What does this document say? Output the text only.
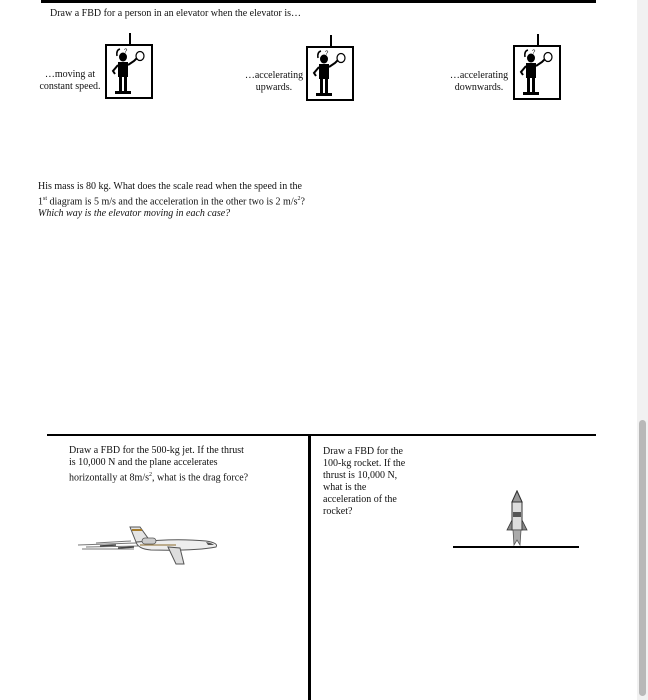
Draw a FBD for a person in an elevator when the elevator is…
…moving at
constant speed.
?
…accelerating
upwards.
?
…accelerating
downwards.
?
His mass is 80 kg. What does the scale read when the speed in the
1st diagram is 5 m/s and the acceleration in the other two is 2 $m/s^2$?
Which way is the elevator moving in each case?
Draw a FBD for the 500-kg jet. If the thrust
is 10,000 N and the plane accelerates
horizontally at $8m/s^2$, what is the drag force?
Draw a FBD for the
100-kg rocket. If the
thrust is 10,000 N,
what is the
acceleration of the
rocket?
